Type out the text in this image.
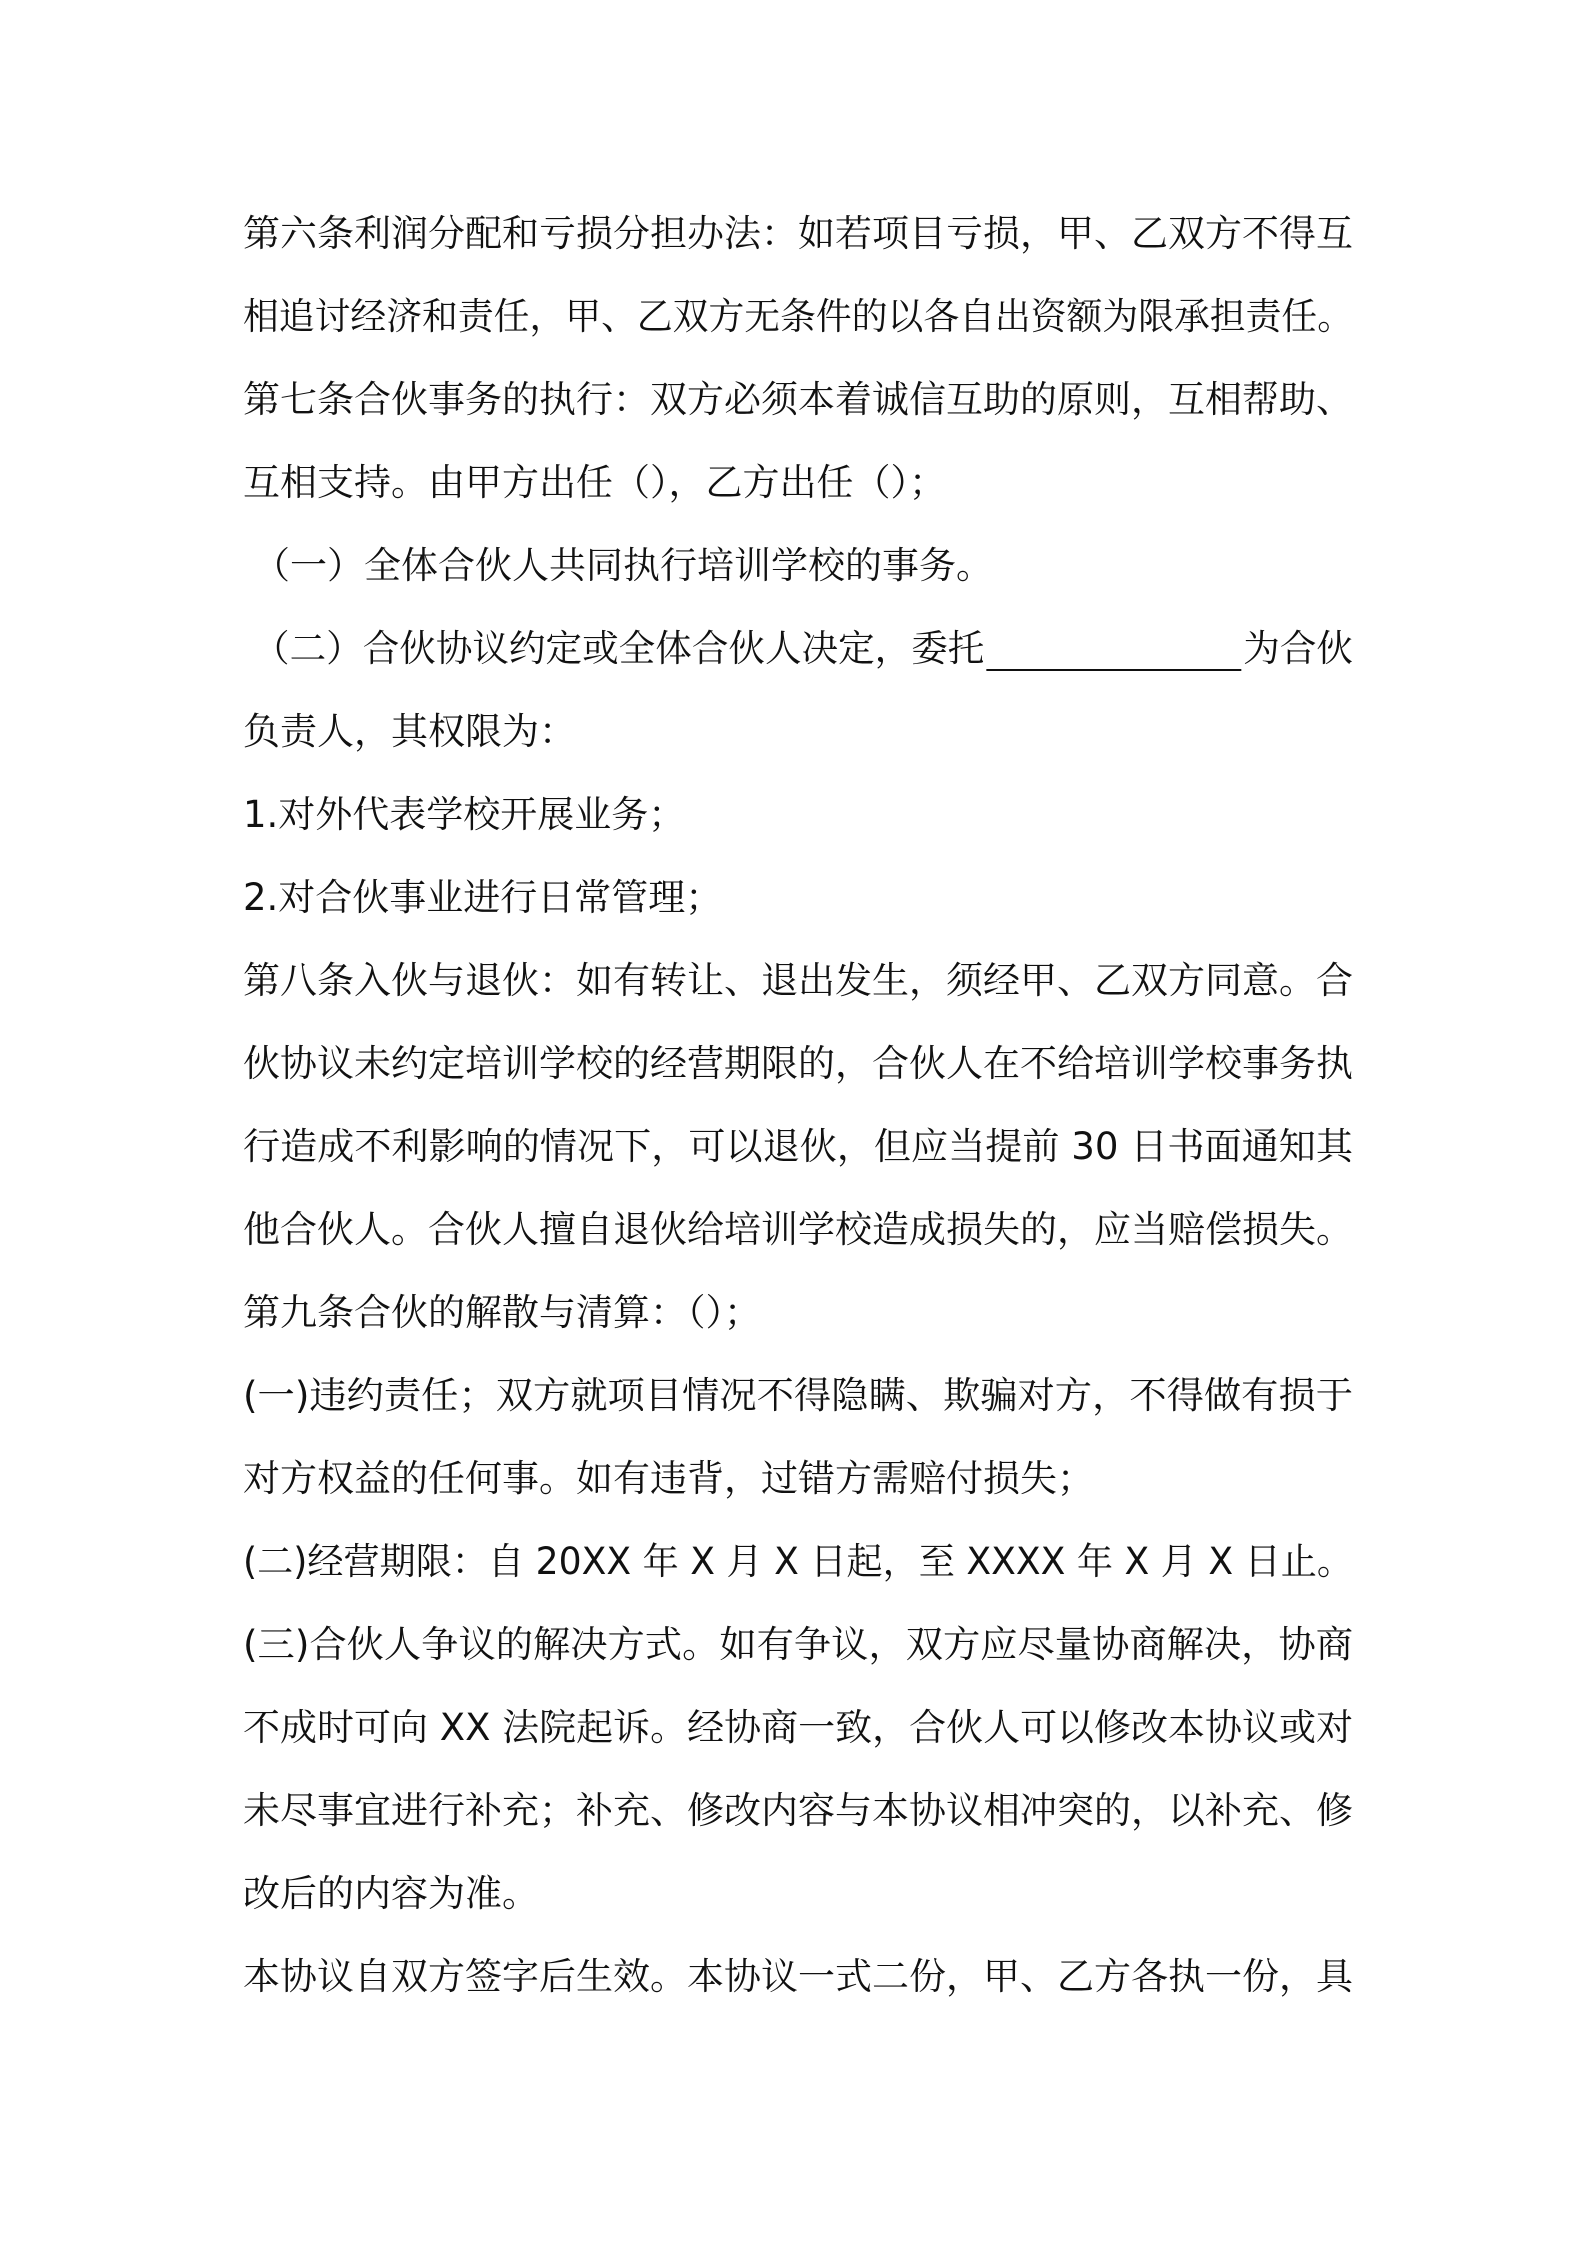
第六条利润分配和亏损分担办法：如若项目亏损，甲、乙双方不得互
相追讨经济和责任，甲、乙双方无条件的以各自出资额为限承担责任。
第七条合伙事务的执行：双方必须本着诚信互助的原则，互相帮助、
互相支持。由甲方出任（），乙方出任（）；
（一）全体合伙人共同执行培训学校的事务。
（二）合伙协议约定或全体合伙人决定，委托	为合伙
负责人，其权限为：
1.对外代表学校开展业务；
2.对合伙事业进行日常管理；
第八条入伙与退伙：如有转让、退出发生，须经甲、乙双方同意。合
伙协议未约定培训学校的经营期限的，合伙人在不给培训学校事务执
行造成不利影响的情况下，可以退伙，但应当提前 30 日书面通知其
他合伙人。合伙人擅自退伙给培训学校造成损失的，应当赔偿损失。
第九条合伙的解散与清算：（）；
(一)违约责任；双方就项目情况不得隐瞒、欺骗对方，不得做有损于
对方权益的任何事。如有违背，过错方需赔付损失；
(二)经营期限：自 20XX 年 X 月 X 日起，至 XXXX 年 X 月 X 日止。
(三)合伙人争议的解决方式。如有争议，双方应尽量协商解决，协商
不成时可向 XX 法院起诉。经协商一致，合伙人可以修改本协议或对
未尽事宜进行补充；补充、修改内容与本协议相冲突的，以补充、修
改后的内容为准。
本协议自双方签字后生效。本协议一式二份，甲、乙方各执一份，具
